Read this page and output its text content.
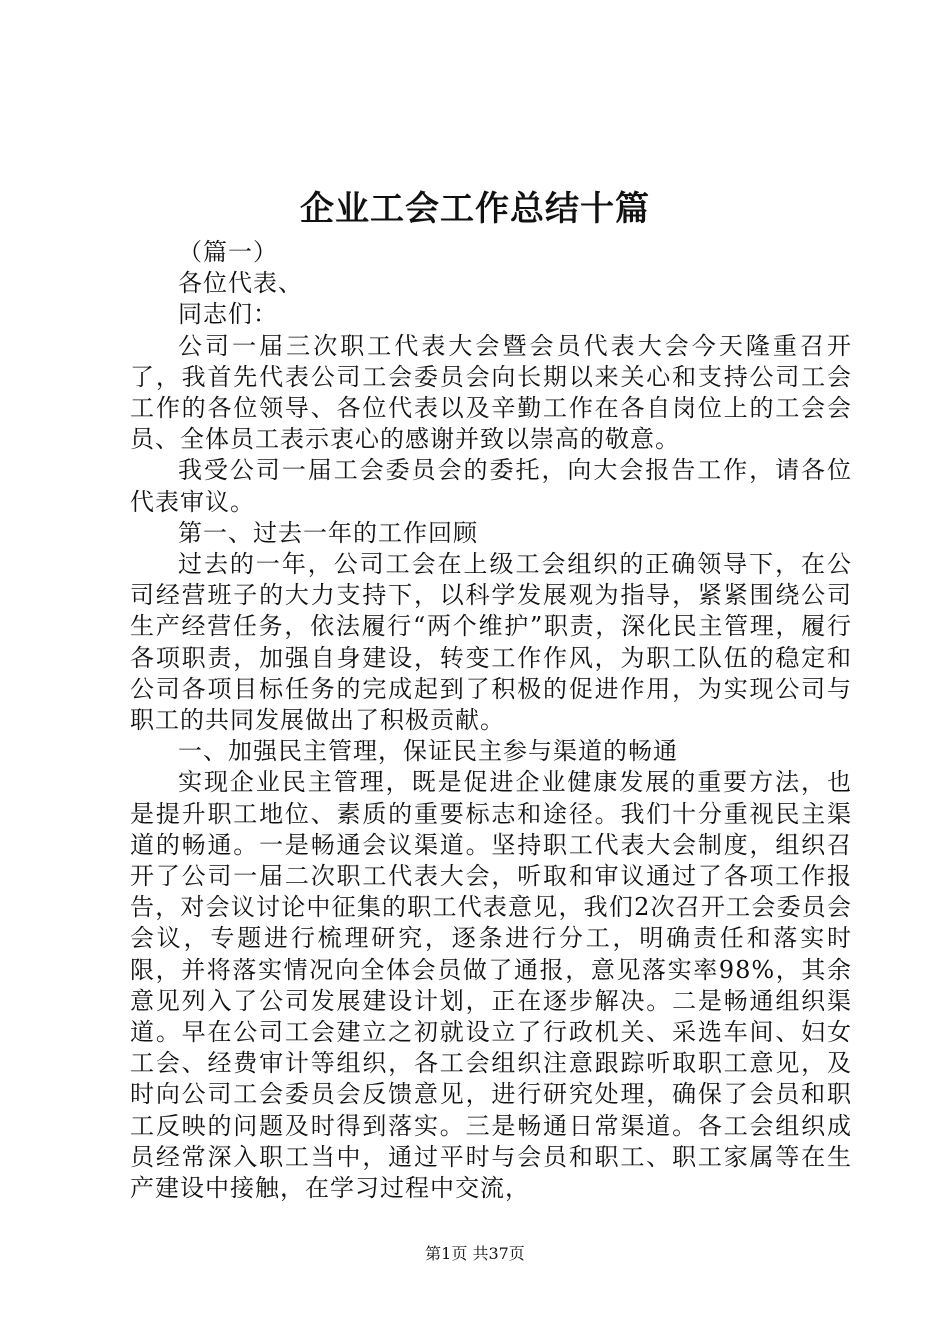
企业工会工作总结十篇

（篇一）

各位代表、

同志们：

公司一届三次职工代表大会暨会员代表大会今天隆重召开了，我首先代表公司工会委员会向长期以来关心和支持公司工会工作的各位领导、各位代表以及辛勤工作在各自岗位上的工会会员、全体员工表示衷心的感谢并致以崇高的敬意。

我受公司一届工会委员会的委托，向大会报告工作，请各位代表审议。

第一、过去一年的工作回顾

过去的一年，公司工会在上级工会组织的正确领导下，在公司经营班子的大力支持下，以科学发展观为指导，紧紧围绕公司生产经营任务，依法履行“两个维护”职责，深化民主管理，履行各项职责，加强自身建设，转变工作作风，为职工队伍的稳定和公司各项目标任务的完成起到了积极的促进作用，为实现公司与职工的共同发展做出了积极贡献。

一、加强民主管理，保证民主参与渠道的畅通

实现企业民主管理，既是促进企业健康发展的重要方法，也是提升职工地位、素质的重要标志和途径。我们十分重视民主渠道的畅通。一是畅通会议渠道。坚持职工代表大会制度，组织召开了公司一届二次职工代表大会，听取和审议通过了各项工作报告，对会议讨论中征集的职工代表意见，我们2次召开工会委员会会议，专题进行梳理研究，逐条进行分工，明确责任和落实时限，并将落实情况向全体会员做了通报，意见落实率98%，其余意见列入了公司发展建设计划，正在逐步解决。二是畅通组织渠道。早在公司工会建立之初就设立了行政机关、采选车间、妇女工会、经费审计等组织，各工会组织注意跟踪听取职工意见，及时向公司工会委员会反馈意见，进行研究处理，确保了会员和职工反映的问题及时得到落实。三是畅通日常渠道。各工会组织成员经常深入职工当中，通过平时与会员和职工、职工家属等在生产建设中接触，在学习过程中交流，

第1页 共37页
